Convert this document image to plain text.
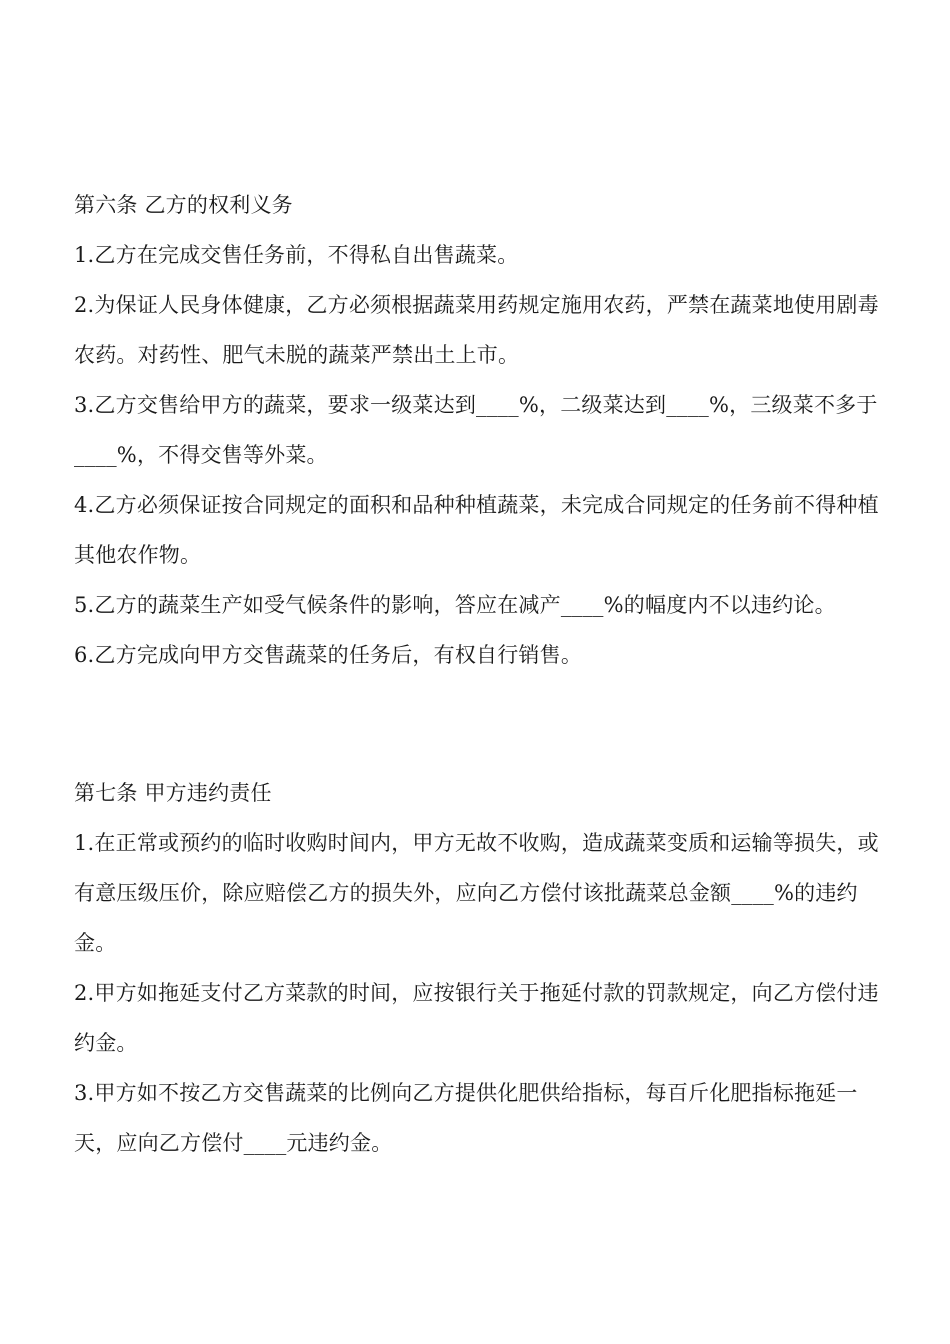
第六条 乙方的权利义务

1.乙方在完成交售任务前，不得私自出售蔬菜。

2.为保证人民身体健康，乙方必须根据蔬菜用药规定施用农药，严禁在蔬菜地使用剧毒农药。对药性、肥气未脱的蔬菜严禁出土上市。

3.乙方交售给甲方的蔬菜，要求一级菜达到____%，二级菜达到____%，三级菜不多于____%，不得交售等外菜。

4.乙方必须保证按合同规定的面积和品种种植蔬菜，未完成合同规定的任务前不得种植其他农作物。

5.乙方的蔬菜生产如受气候条件的影响，答应在减产____%的幅度内不以违约论。

6.乙方完成向甲方交售蔬菜的任务后，有权自行销售。

第七条 甲方违约责任

1.在正常或预约的临时收购时间内，甲方无故不收购，造成蔬菜变质和运输等损失，或有意压级压价，除应赔偿乙方的损失外，应向乙方偿付该批蔬菜总金额____%的违约金。

2.甲方如拖延支付乙方菜款的时间，应按银行关于拖延付款的罚款规定，向乙方偿付违约金。

3.甲方如不按乙方交售蔬菜的比例向乙方提供化肥供给指标，每百斤化肥指标拖延一天，应向乙方偿付____元违约金。
